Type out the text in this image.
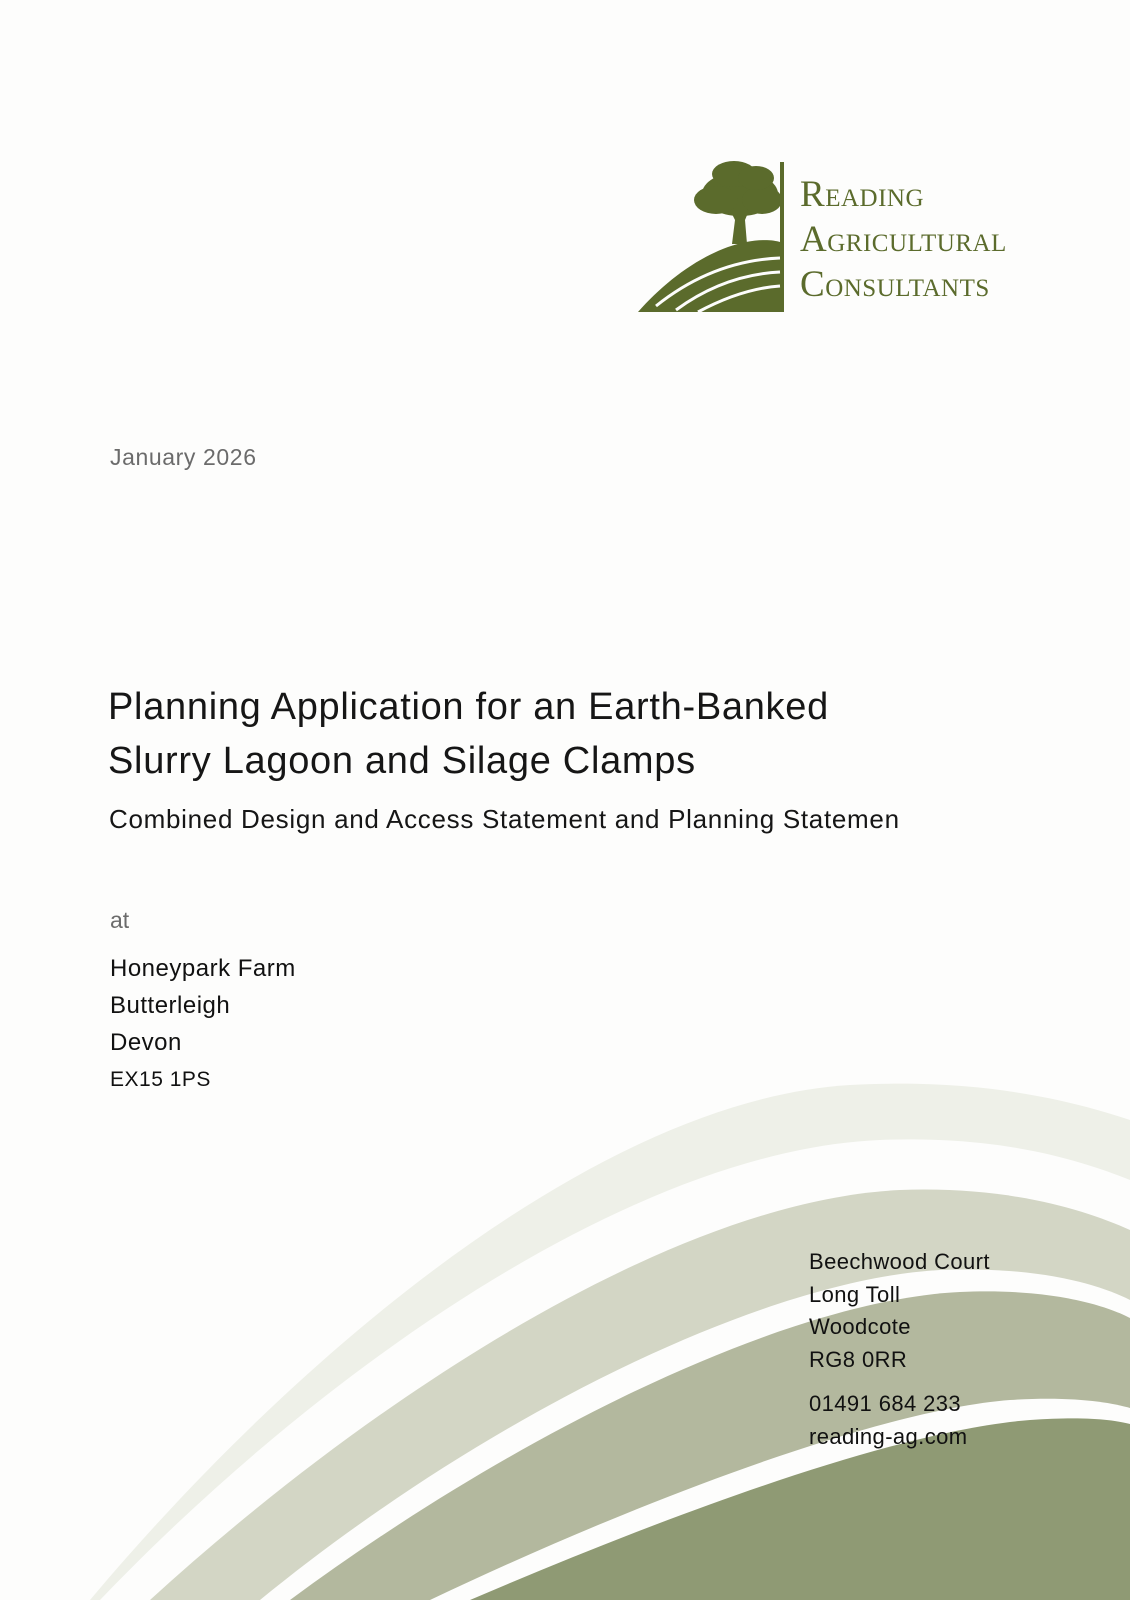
READING
AGRICULTURAL
CONSULTANTS
January 2026
Planning Application for an Earth-Banked
Slurry Lagoon and Silage Clamps
Combined Design and Access Statement and Planning Statemen
at
Honeypark Farm
Butterleigh
Devon
EX15 1PS
Beechwood Court
Long Toll
Woodcote
RG8 0RR
01491 684 233
reading-ag.com
